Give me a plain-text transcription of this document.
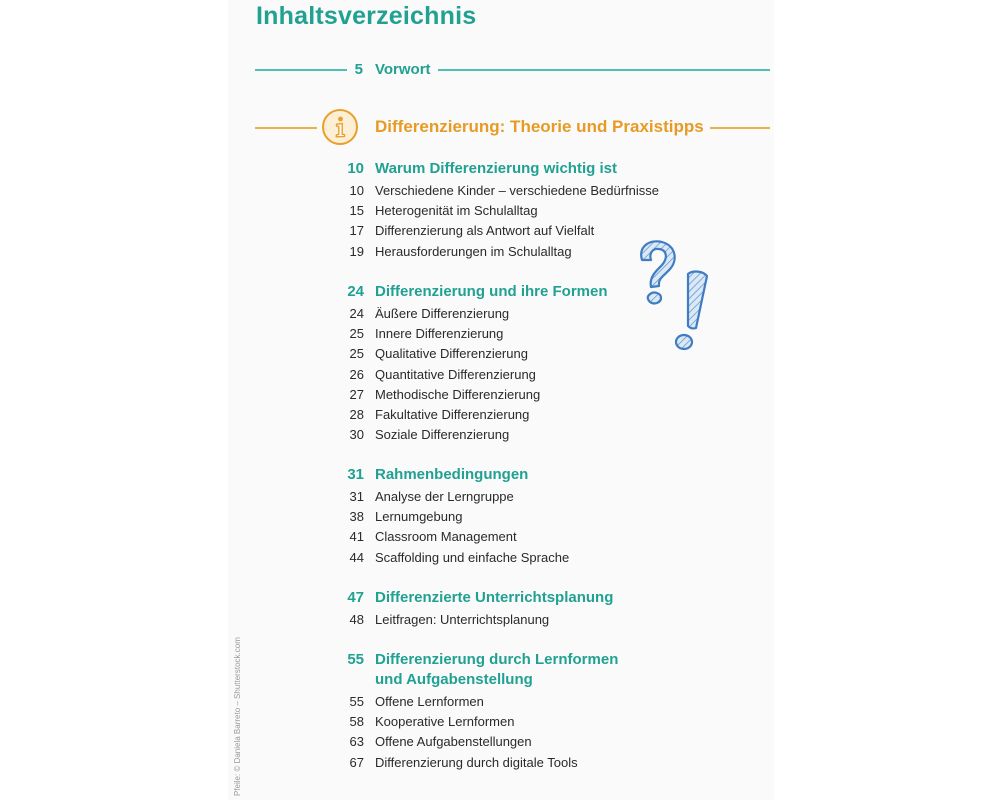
Inhaltsverzeichnis
5 Vorwort
Differenzierung: Theorie und Praxistipps
10 Warum Differenzierung wichtig ist
10 Verschiedene Kinder – verschiedene Bedürfnisse
15 Heterogenität im Schulalltag
17 Differenzierung als Antwort auf Vielfalt
19 Herausforderungen im Schulalltag
24 Differenzierung und ihre Formen
24 Äußere Differenzierung
25 Innere Differenzierung
25 Qualitative Differenzierung
26 Quantitative Differenzierung
27 Methodische Differenzierung
28 Fakultative Differenzierung
30 Soziale Differenzierung
31 Rahmenbedingungen
31 Analyse der Lerngruppe
38 Lernumgebung
41 Classroom Management
44 Scaffolding und einfache Sprache
47 Differenzierte Unterrichtsplanung
48 Leitfragen: Unterrichtsplanung
55 Differenzierung durch Lernformen
und Aufgabenstellung
55 Offene Lernformen
58 Kooperative Lernformen
63 Offene Aufgabenstellungen
67 Differenzierung durch digitale Tools
Pfeile: © Daniela Barreto – Shutterstock.com
